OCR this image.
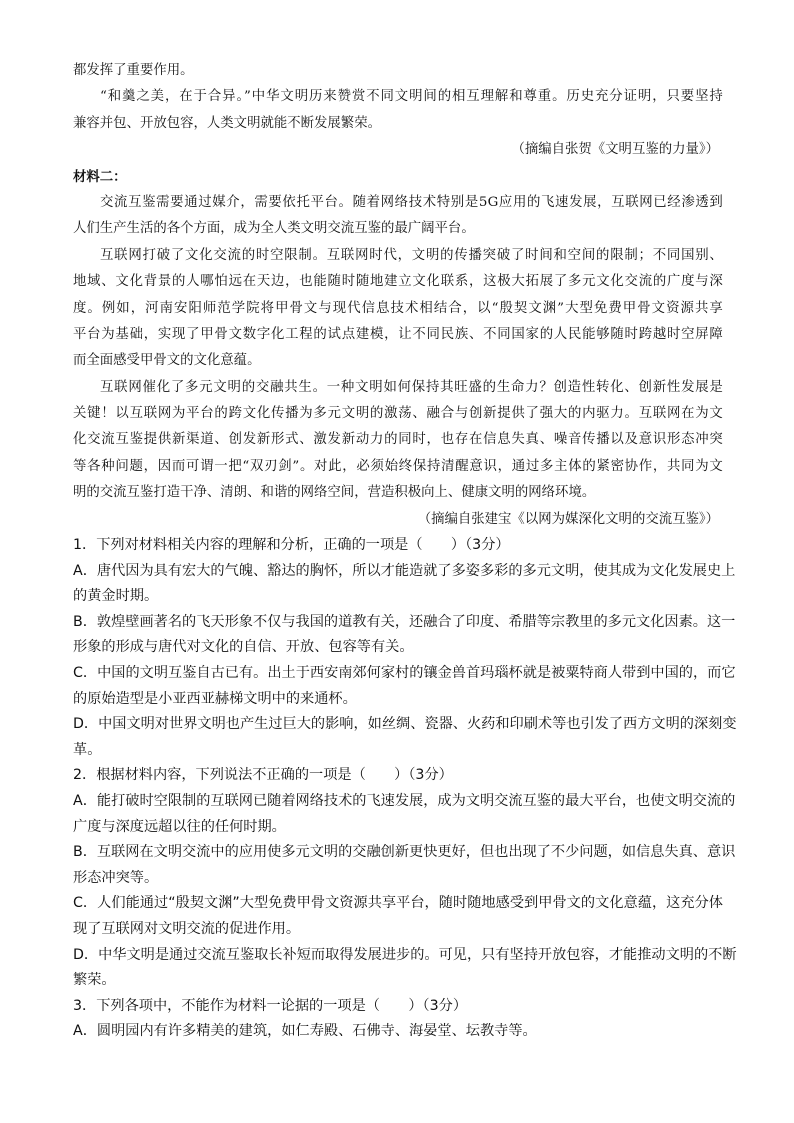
都发挥了重要作用。
“和羹之美，在于合异。”中华文明历来赞赏不同文明间的相互理解和尊重。历史充分证明，只要坚持
兼容并包、开放包容，人类文明就能不断发展繁荣。
（摘编自张贺《文明互鉴的力量》）
材料二：
交流互鉴需要通过媒介，需要依托平台。随着网络技术特别是5G应用的飞速发展，互联网已经渗透到
人们生产生活的各个方面，成为全人类文明交流互鉴的最广阔平台。
互联网打破了文化交流的时空限制。互联网时代，文明的传播突破了时间和空间的限制；不同国别、
地域、文化背景的人哪怕远在天边，也能随时随地建立文化联系，这极大拓展了多元文化交流的广度与深
度。例如，河南安阳师范学院将甲骨文与现代信息技术相结合，以“殷契文渊”大型免费甲骨文资源共享
平台为基础，实现了甲骨文数字化工程的试点建模，让不同民族、不同国家的人民能够随时跨越时空屏障
而全面感受甲骨文的文化意蕴。
互联网催化了多元文明的交融共生。一种文明如何保持其旺盛的生命力？创造性转化、创新性发展是
关键！以互联网为平台的跨文化传播为多元文明的激荡、融合与创新提供了强大的内驱力。互联网在为文
化交流互鉴提供新渠道、创发新形式、激发新动力的同时，也存在信息失真、噪音传播以及意识形态冲突
等各种问题，因而可谓一把“双刃剑”。对此，必须始终保持清醒意识，通过多主体的紧密协作，共同为文
明的交流互鉴打造干净、清朗、和谐的网络空间，营造积极向上、健康文明的网络环境。
（摘编自张建宝《以网为媒深化文明的交流互鉴》）
1．下列对材料相关内容的理解和分析，正确的一项是（　　）（3分）
A．唐代因为具有宏大的气魄、豁达的胸怀，所以才能造就了多姿多彩的多元文明，使其成为文化发展史上
的黄金时期。
B．敦煌壁画著名的飞天形象不仅与我国的道教有关，还融合了印度、希腊等宗教里的多元文化因素。这一
形象的形成与唐代对文化的自信、开放、包容等有关。
C．中国的文明互鉴自古已有。出土于西安南郊何家村的镶金兽首玛瑙杯就是被粟特商人带到中国的，而它
的原始造型是小亚西亚赫梯文明中的来通杯。
D．中国文明对世界文明也产生过巨大的影响，如丝绸、瓷器、火药和印刷术等也引发了西方文明的深刻变
革。
2．根据材料内容，下列说法不正确的一项是（　　）（3分）
A．能打破时空限制的互联网已随着网络技术的飞速发展，成为文明交流互鉴的最大平台，也使文明交流的
广度与深度远超以往的任何时期。
B．互联网在文明交流中的应用使多元文明的交融创新更快更好，但也出现了不少问题，如信息失真、意识
形态冲突等。
C．人们能通过“殷契文渊”大型免费甲骨文资源共享平台，随时随地感受到甲骨文的文化意蕴，这充分体
现了互联网对文明交流的促进作用。
D．中华文明是通过交流互鉴取长补短而取得发展进步的。可见，只有坚持开放包容，才能推动文明的不断
繁荣。
3．下列各项中，不能作为材料一论据的一项是（　　）（3分）
A．圆明园内有许多精美的建筑，如仁寿殿、石佛寺、海晏堂、坛教寺等。
